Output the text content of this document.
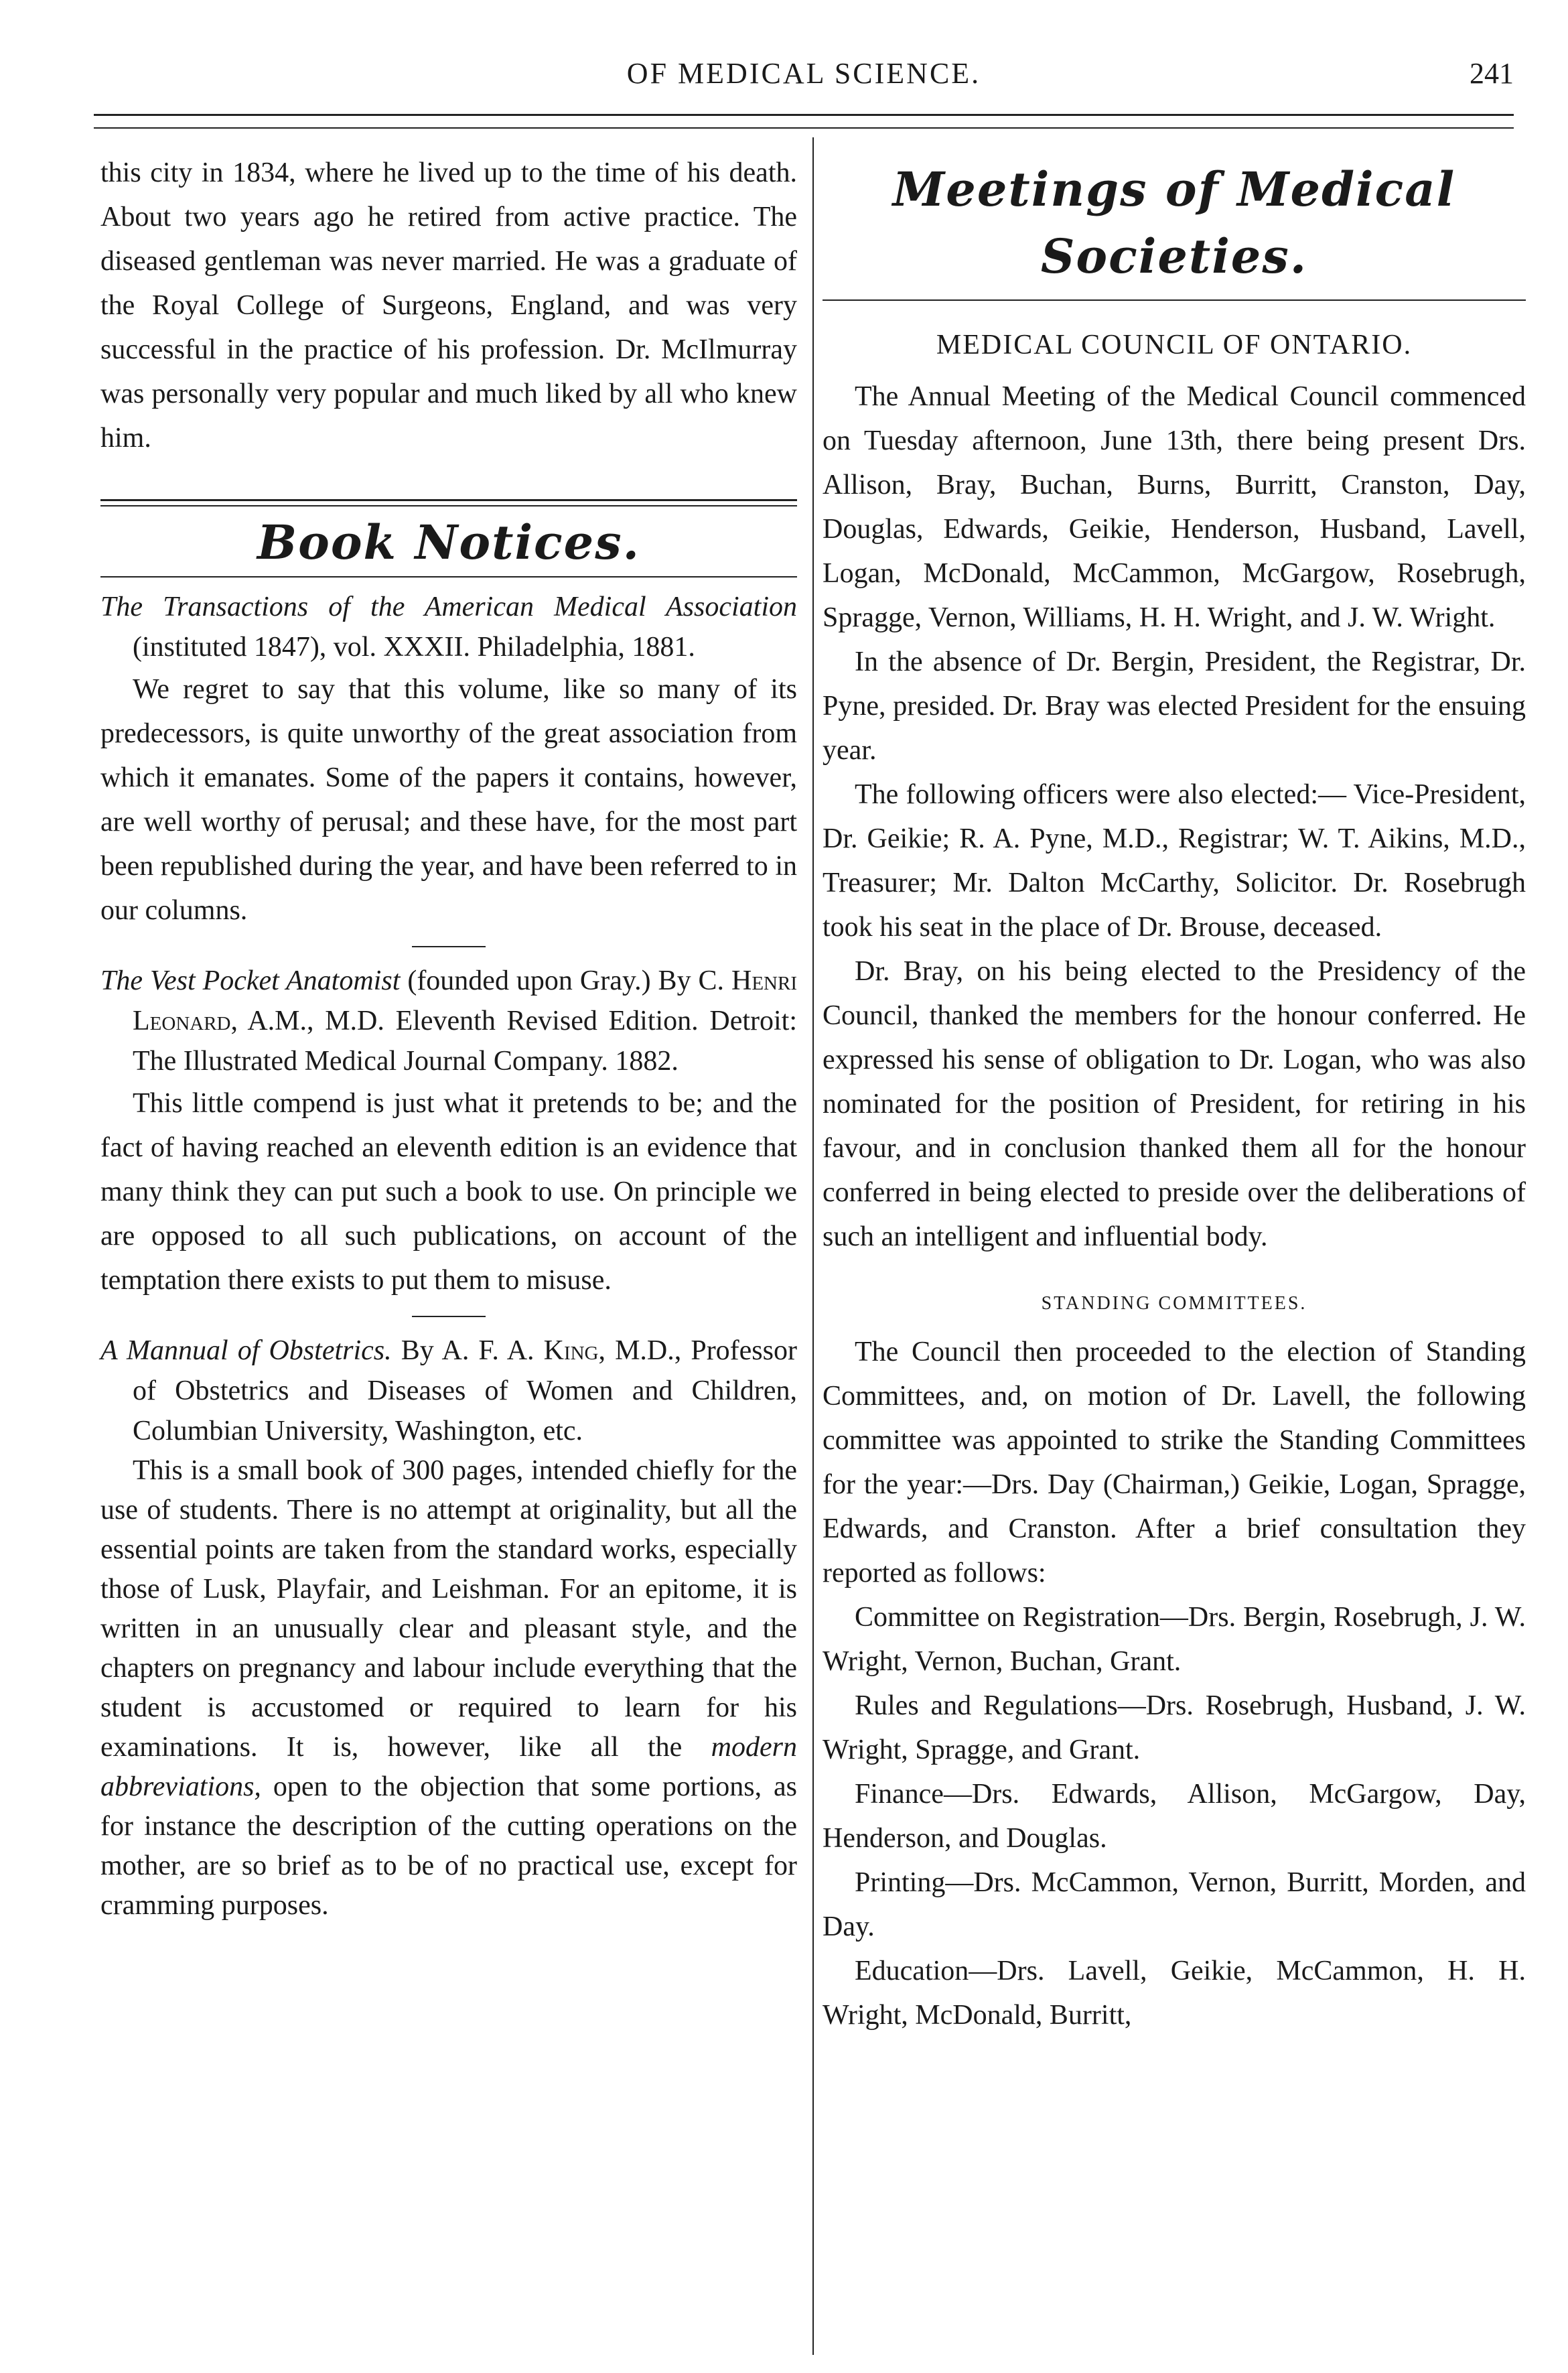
OF MEDICAL SCIENCE.	241

this city in 1834, where he lived up to the time of his death. About two years ago he retired from active practice. The diseased gentleman was never married. He was a graduate of the Royal College of Surgeons, England, and was very successful in the practice of his profession. Dr. McIlmurray was personally very popular and much liked by all who knew him.

Book Notices.

The Transactions of the American Medical Association (instituted 1847), vol. XXXII. Philadelphia, 1881.

We regret to say that this volume, like so many of its predecessors, is quite unworthy of the great association from which it emanates. Some of the papers it contains, however, are well worthy of perusal; and these have, for the most part been republished during the year, and have been referred to in our columns.

The Vest Pocket Anatomist (founded upon Gray.) By C. Henri Leonard, A.M., M.D. Eleventh Revised Edition. Detroit: The Illustrated Medical Journal Company. 1882.

This little compend is just what it pretends to be; and the fact of having reached an eleventh edition is an evidence that many think they can put such a book to use. On principle we are opposed to all such publications, on account of the temptation there exists to put them to misuse.

A Mannual of Obstetrics. By A. F. A. King, M.D., Professor of Obstetrics and Diseases of Women and Children, Columbian University, Washington, etc.

This is a small book of 300 pages, intended chiefly for the use of students. There is no attempt at originality, but all the essential points are taken from the standard works, especially those of Lusk, Playfair, and Leishman. For an epitome, it is written in an unusually clear and pleasant style, and the chapters on pregnancy and labour include everything that the student is accustomed or required to learn for his examinations. It is, however, like all the modern abbreviations, open to the objection that some portions, as for instance the description of the cutting operations on the mother, are so brief as to be of no practical use, except for cramming purposes.

Meetings of Medical Societies.
MEDICAL COUNCIL OF ONTARIO.

The Annual Meeting of the Medical Council commenced on Tuesday afternoon, June 13th, there being present Drs. Allison, Bray, Buchan, Burns, Burritt, Cranston, Day, Douglas, Edwards, Geikie, Henderson, Husband, Lavell, Logan, McDonald, McCammon, McGargow, Rosebrugh, Spragge, Vernon, Williams, H. H. Wright, and J. W. Wright.

In the absence of Dr. Bergin, President, the Registrar, Dr. Pyne, presided. Dr. Bray was elected President for the ensuing year.

The following officers were also elected:— Vice-President, Dr. Geikie; R. A. Pyne, M.D., Registrar; W. T. Aikins, M.D., Treasurer; Mr. Dalton McCarthy, Solicitor. Dr. Rosebrugh took his seat in the place of Dr. Brouse, deceased.

Dr. Bray, on his being elected to the Presidency of the Council, thanked the members for the honour conferred. He expressed his sense of obligation to Dr. Logan, who was also nominated for the position of President, for retiring in his favour, and in conclusion thanked them all for the honour conferred in being elected to preside over the deliberations of such an intelligent and influential body.

STANDING COMMITTEES.

The Council then proceeded to the election of Standing Committees, and, on motion of Dr. Lavell, the following committee was appointed to strike the Standing Committees for the year:—Drs. Day (Chairman,) Geikie, Logan, Spragge, Edwards, and Cranston. After a brief consultation they reported as follows:

Committee on Registration—Drs. Bergin, Rosebrugh, J. W. Wright, Vernon, Buchan, Grant.

Rules and Regulations—Drs. Rosebrugh, Husband, J. W. Wright, Spragge, and Grant.

Finance—Drs. Edwards, Allison, McGargow, Day, Henderson, and Douglas.

Printing—Drs. McCammon, Vernon, Burritt, Morden, and Day.

Education—Drs. Lavell, Geikie, McCammon, H. H. Wright, McDonald, Burritt,
